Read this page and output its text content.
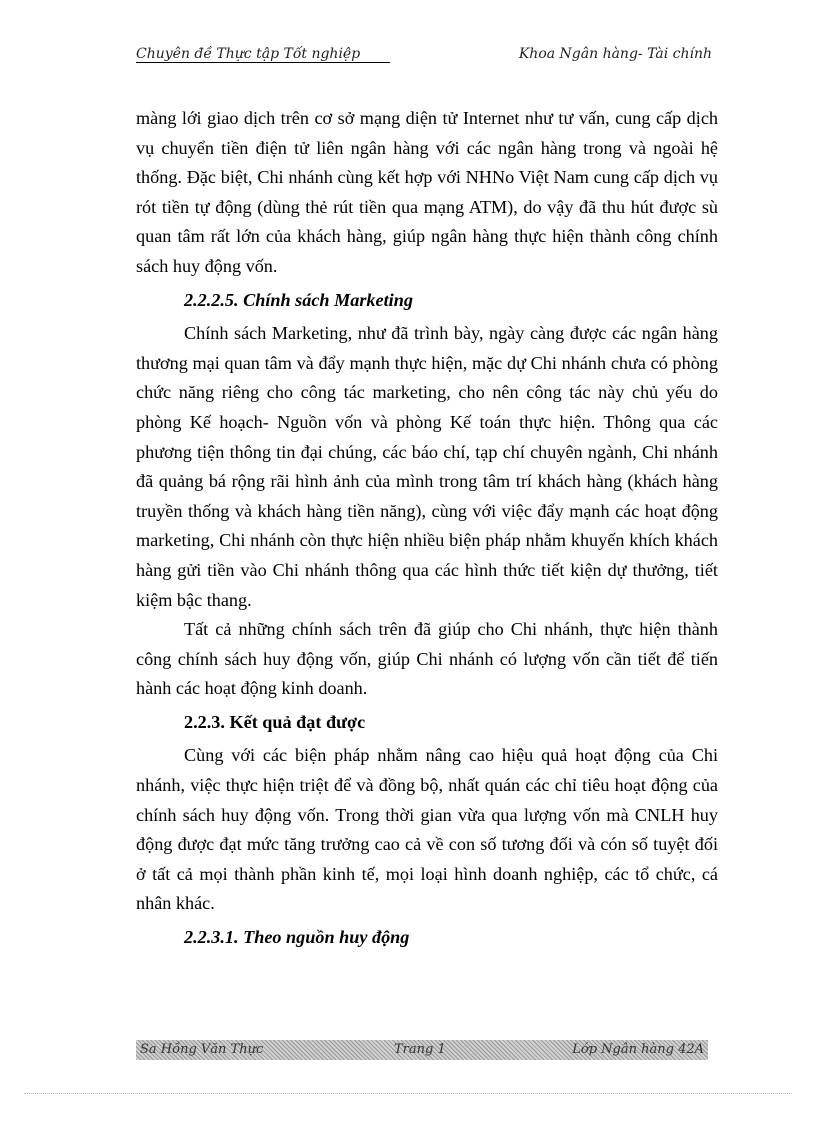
Chuyên đề Thực tập Tốt nghiệp	Khoa Ngân hàng- Tài chính

màng lới giao dịch trên cơ sở mạng diện tử Internet như tư vấn, cung cấp dịch vụ chuyển tiền điện tử liên ngân hàng với các ngân hàng trong và ngoài hệ thống. Đặc biệt, Chi nhánh cùng kết hợp với NHNo Việt Nam cung cấp dịch vụ rót tiền tự động (dùng thẻ rút tiền qua mạng ATM), do vậy đã thu hút được sù quan tâm rất lớn của khách hàng, giúp ngân hàng thực hiện thành công chính sách huy động vốn.

2.2.2.5. Chính sách Marketing

Chính sách Marketing, như đã trình bày, ngày càng được các ngân hàng thương mại quan tâm và đẩy mạnh thực hiện, mặc dự Chi nhánh chưa có phòng chức năng riêng cho công tác marketing, cho nên công tác này chủ yếu do phòng Kế hoạch- Nguồn vốn và phòng Kế toán thực hiện. Thông qua các phương tiện thông tin đại chúng, các báo chí, tạp chí chuyên ngành, Chi nhánh đã quảng bá rộng rãi hình ảnh của mình trong tâm trí khách hàng (khách hàng truyền thống và khách hàng tiền năng), cùng với việc đẩy mạnh các hoạt động marketing, Chi nhánh còn thực hiện nhiều biện pháp nhằm khuyến khích khách hàng gửi tiền vào Chi nhánh thông qua các hình thức tiết kiện dự thưởng, tiết kiệm bậc thang.

Tất cả những chính sách trên đã giúp cho Chi nhánh, thực hiện thành công chính sách huy động vốn, giúp Chi nhánh có lượng vốn cần tiết để tiến hành các hoạt động kinh doanh.

2.2.3. Kết quả đạt được

Cùng với các biện pháp nhằm nâng cao hiệu quả hoạt động của Chi nhánh, việc thực hiện triệt để và đồng bộ, nhất quán các chỉ tiêu hoạt động của chính sách huy động vốn. Trong thời gian vừa qua lượng vốn mà CNLH huy động được đạt mức tăng trưởng cao cả về con số tương đối và cón số tuyệt đối ở tất cả mọi thành phần kinh tế, mọi loại hình doanh nghiệp, các tổ chức, cá nhân khác.

2.2.3.1. Theo nguồn huy động
Sa Hồng Văn Thực	Trang 1	Lớp Ngân hàng 42A
